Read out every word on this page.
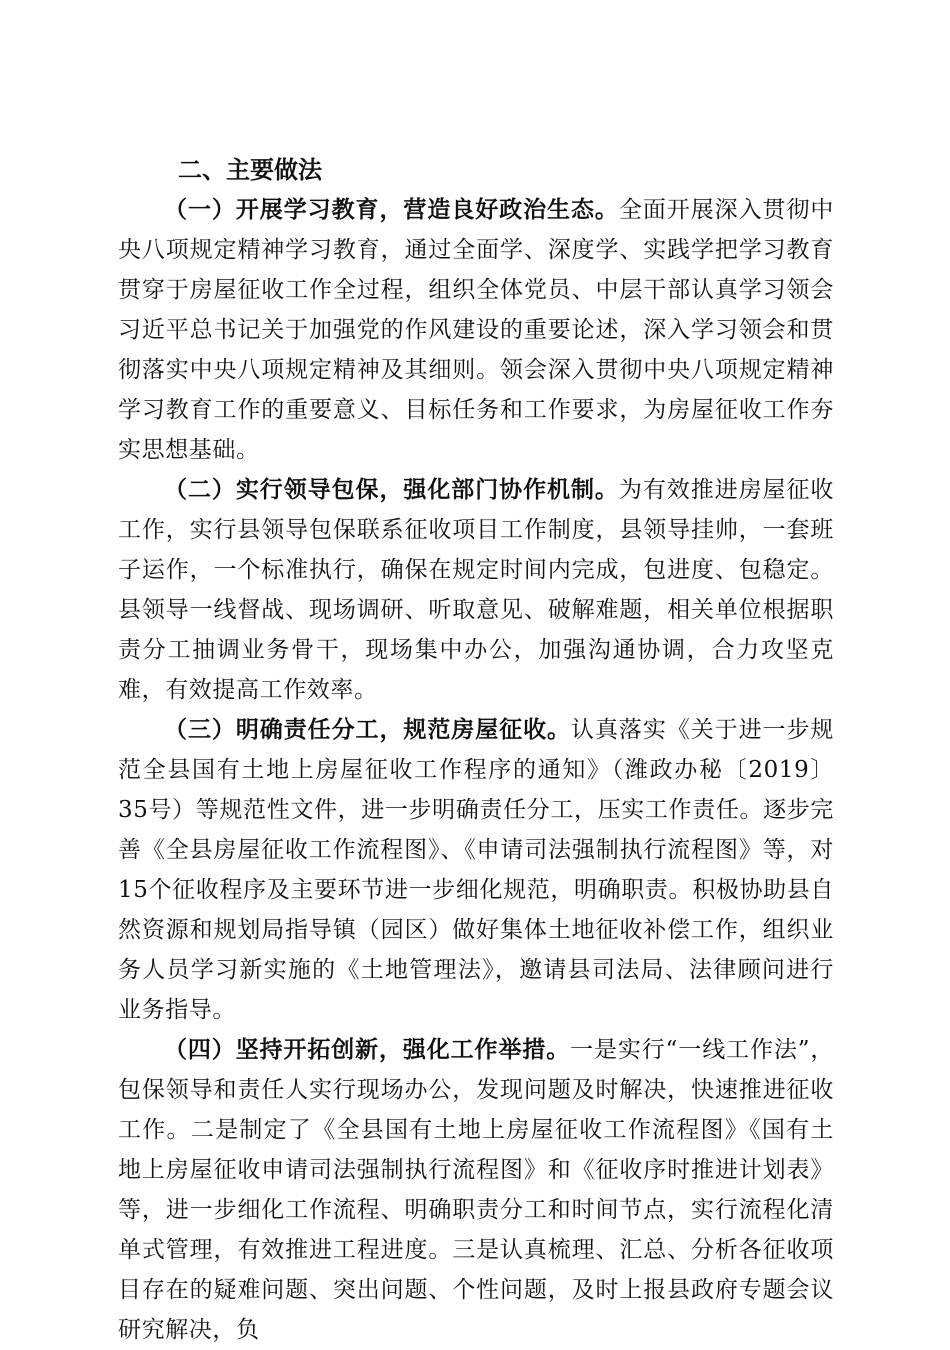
二、主要做法

（一）开展学习教育，营造良好政治生态。全面开展深入贯彻中央八项规定精神学习教育，通过全面学、深度学、实践学把学习教育贯穿于房屋征收工作全过程，组织全体党员、中层干部认真学习领会习近平总书记关于加强党的作风建设的重要论述，深入学习领会和贯彻落实中央八项规定精神及其细则。领会深入贯彻中央八项规定精神学习教育工作的重要意义、目标任务和工作要求，为房屋征收工作夯实思想基础。

（二）实行领导包保，强化部门协作机制。为有效推进房屋征收工作，实行县领导包保联系征收项目工作制度，县领导挂帅，一套班子运作，一个标准执行，确保在规定时间内完成，包进度、包稳定。县领导一线督战、现场调研、听取意见、破解难题，相关单位根据职责分工抽调业务骨干，现场集中办公，加强沟通协调，合力攻坚克难，有效提高工作效率。

（三）明确责任分工，规范房屋征收。认真落实《关于进一步规范全县国有土地上房屋征收工作程序的通知》（潍政办秘〔2019〕35号）等规范性文件，进一步明确责任分工，压实工作责任。逐步完善《全县房屋征收工作流程图》、《申请司法强制执行流程图》等，对15个征收程序及主要环节进一步细化规范，明确职责。积极协助县自然资源和规划局指导镇（园区）做好集体土地征收补偿工作，组织业务人员学习新实施的《土地管理法》，邀请县司法局、法律顾问进行业务指导。

（四）坚持开拓创新，强化工作举措。一是实行“一线工作法”，包保领导和责任人实行现场办公，发现问题及时解决，快速推进征收工作。二是制定了《全县国有土地上房屋征收工作流程图》《国有土地上房屋征收申请司法强制执行流程图》和《征收序时推进计划表》等，进一步细化工作流程、明确职责分工和时间节点，实行流程化清单式管理，有效推进工程进度。三是认真梳理、汇总、分析各征收项目存在的疑难问题、突出问题、个性问题，及时上报县政府专题会议研究解决，负
